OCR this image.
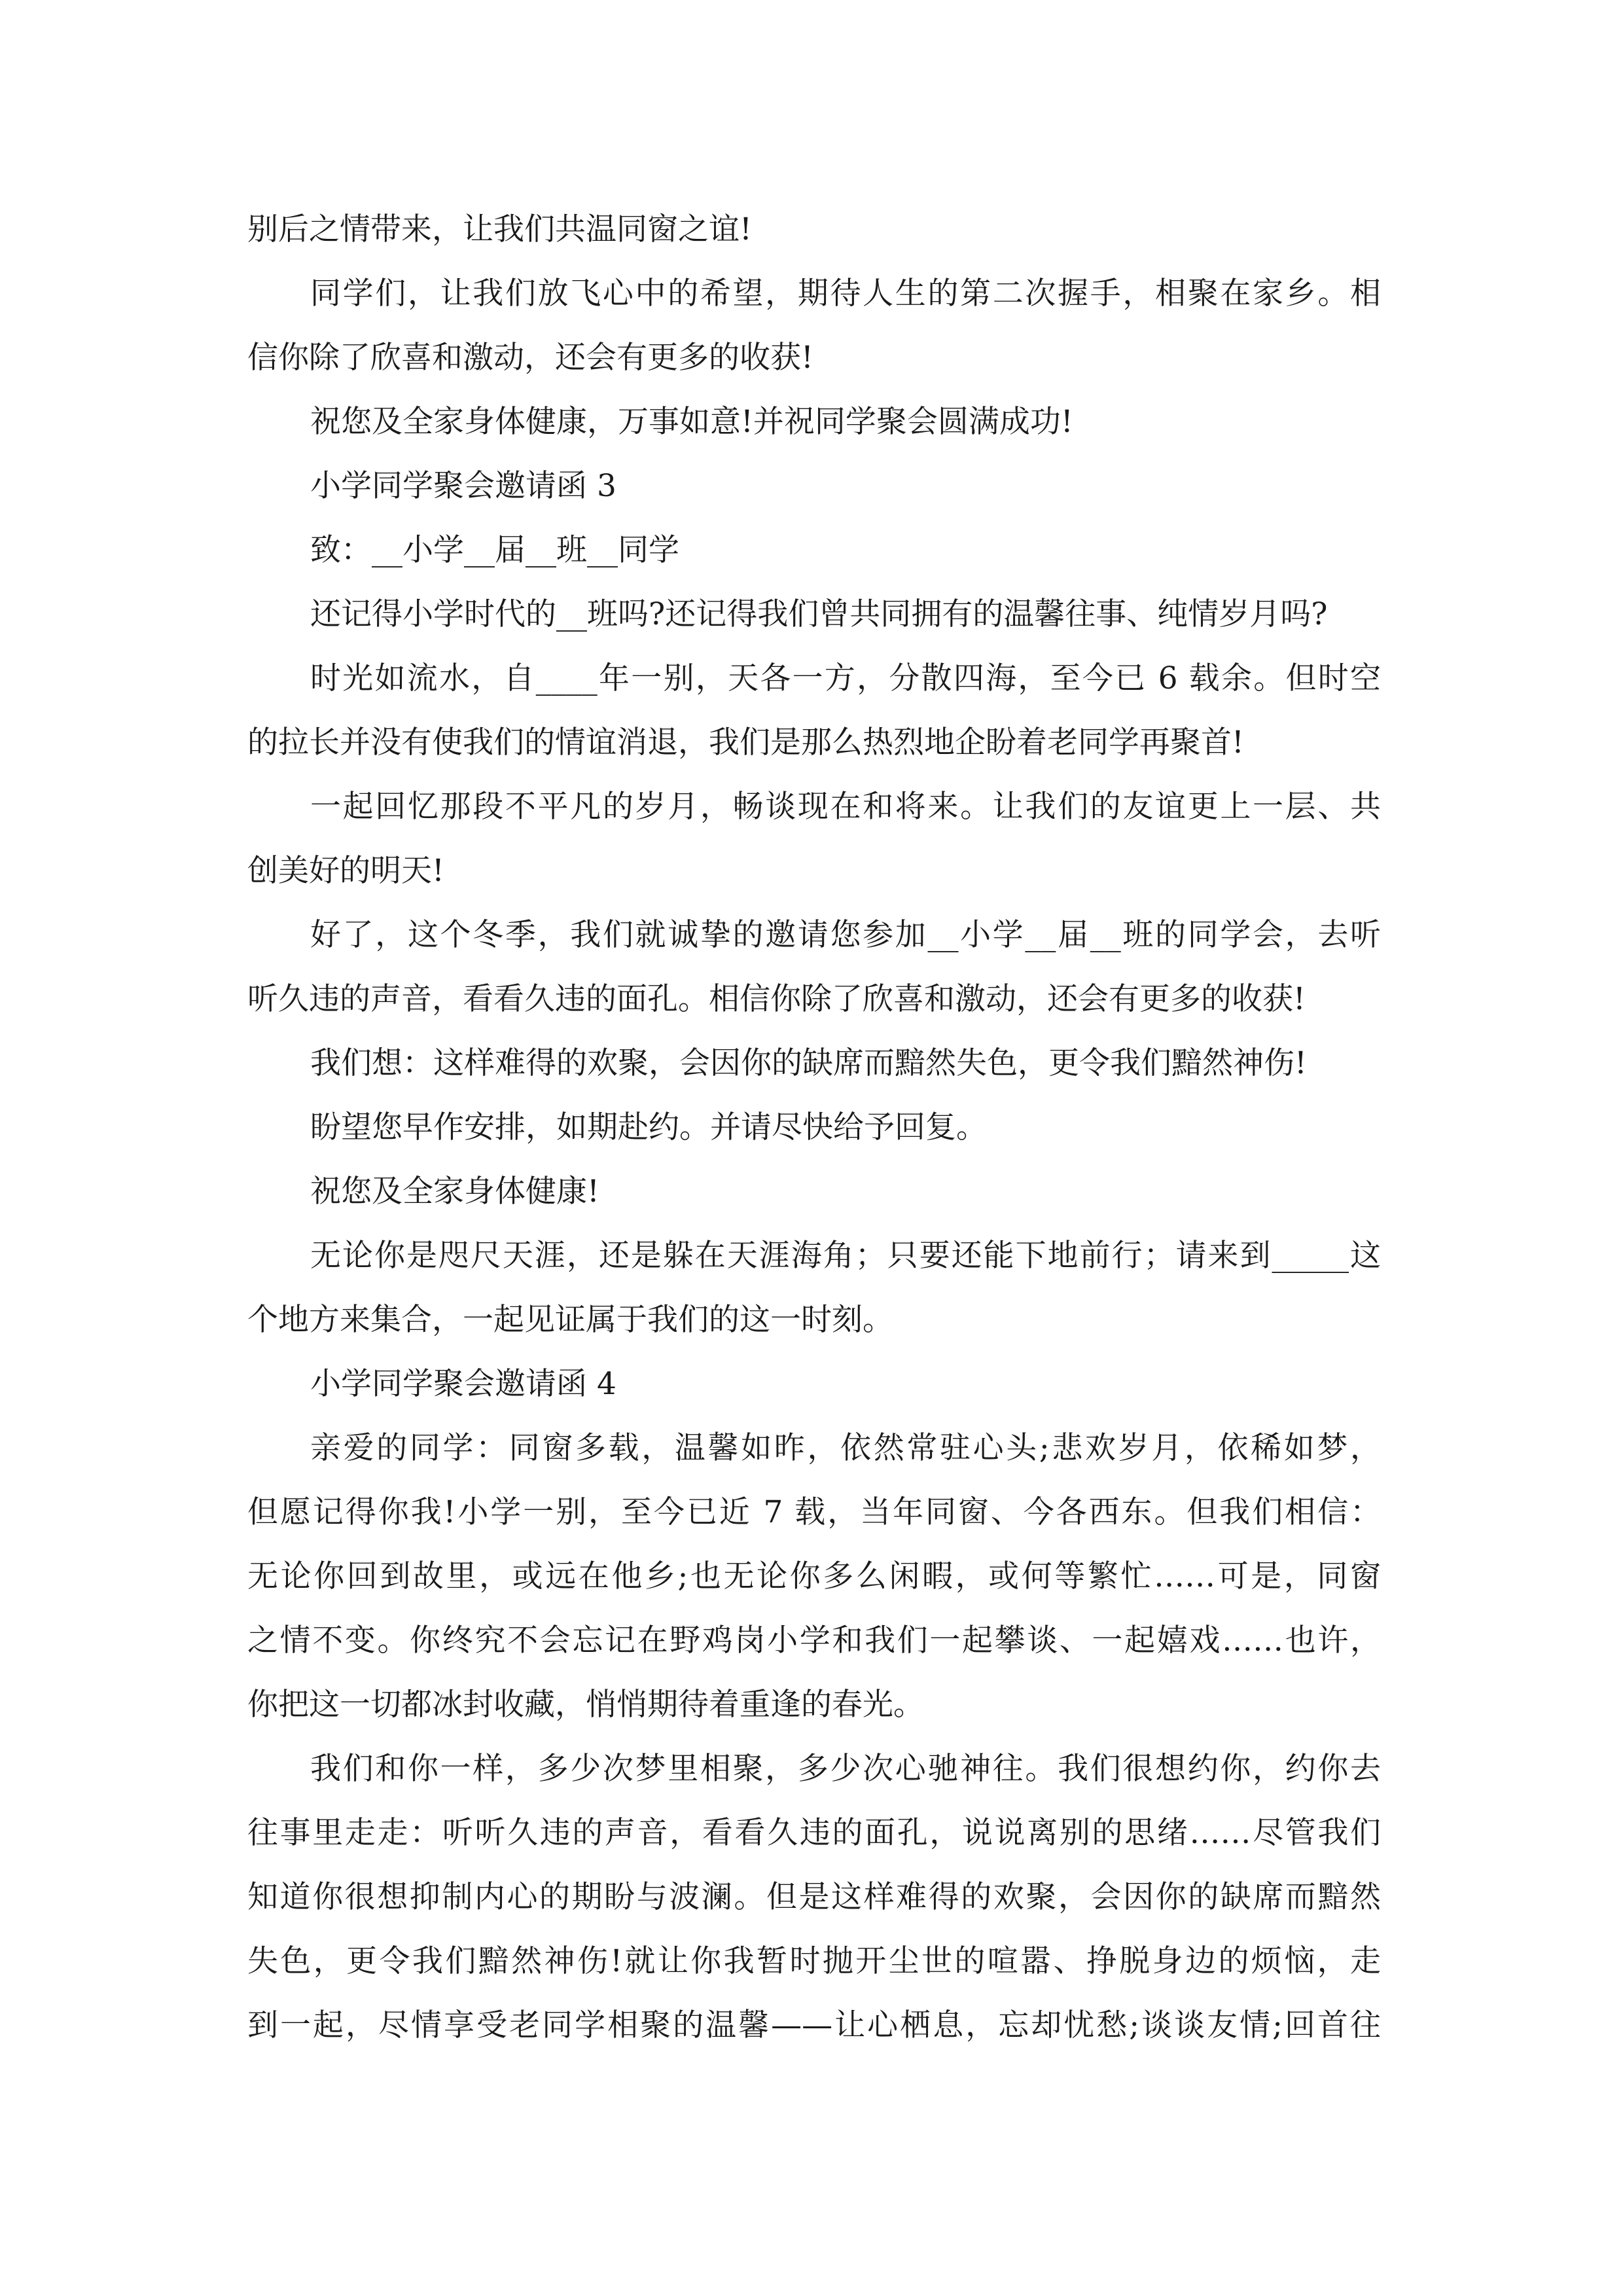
别后之情带来，让我们共温同窗之谊!
同学们，让我们放飞心中的希望，期待人生的第二次握手，相聚在家乡。相
信你除了欣喜和激动，还会有更多的收获!
祝您及全家身体健康，万事如意!并祝同学聚会圆满成功!
小学同学聚会邀请函 3
致：__小学__届__班__同学
还记得小学时代的__班吗?还记得我们曾共同拥有的温馨往事、纯情岁月吗?
时光如流水，自____年一别，天各一方，分散四海，至今已 6 载余。但时空
的拉长并没有使我们的情谊消退，我们是那么热烈地企盼着老同学再聚首!
一起回忆那段不平凡的岁月，畅谈现在和将来。让我们的友谊更上一层、共
创美好的明天!
好了，这个冬季，我们就诚挚的邀请您参加__小学__届__班的同学会，去听
听久违的声音，看看久违的面孔。相信你除了欣喜和激动，还会有更多的收获!
我们想：这样难得的欢聚，会因你的缺席而黯然失色，更令我们黯然神伤!
盼望您早作安排，如期赴约。并请尽快给予回复。
祝您及全家身体健康!
无论你是咫尺天涯，还是躲在天涯海角；只要还能下地前行；请来到_____这
个地方来集合，一起见证属于我们的这一时刻。
小学同学聚会邀请函 4
亲爱的同学：同窗多载，温馨如昨，依然常驻心头;悲欢岁月，依稀如梦，
但愿记得你我!小学一别，至今已近 7 载，当年同窗、今各西东。但我们相信：
无论你回到故里，或远在他乡;也无论你多么闲暇，或何等繁忙……可是，同窗
之情不变。你终究不会忘记在野鸡岗小学和我们一起攀谈、一起嬉戏……也许，
你把这一切都冰封收藏，悄悄期待着重逢的春光。
我们和你一样，多少次梦里相聚，多少次心驰神往。我们很想约你，约你去
往事里走走：听听久违的声音，看看久违的面孔，说说离别的思绪……尽管我们
知道你很想抑制内心的期盼与波澜。但是这样难得的欢聚，会因你的缺席而黯然
失色，更令我们黯然神伤!就让你我暂时抛开尘世的喧嚣、挣脱身边的烦恼，走
到一起，尽情享受老同学相聚的温馨——让心栖息，忘却忧愁;谈谈友情;回首往
